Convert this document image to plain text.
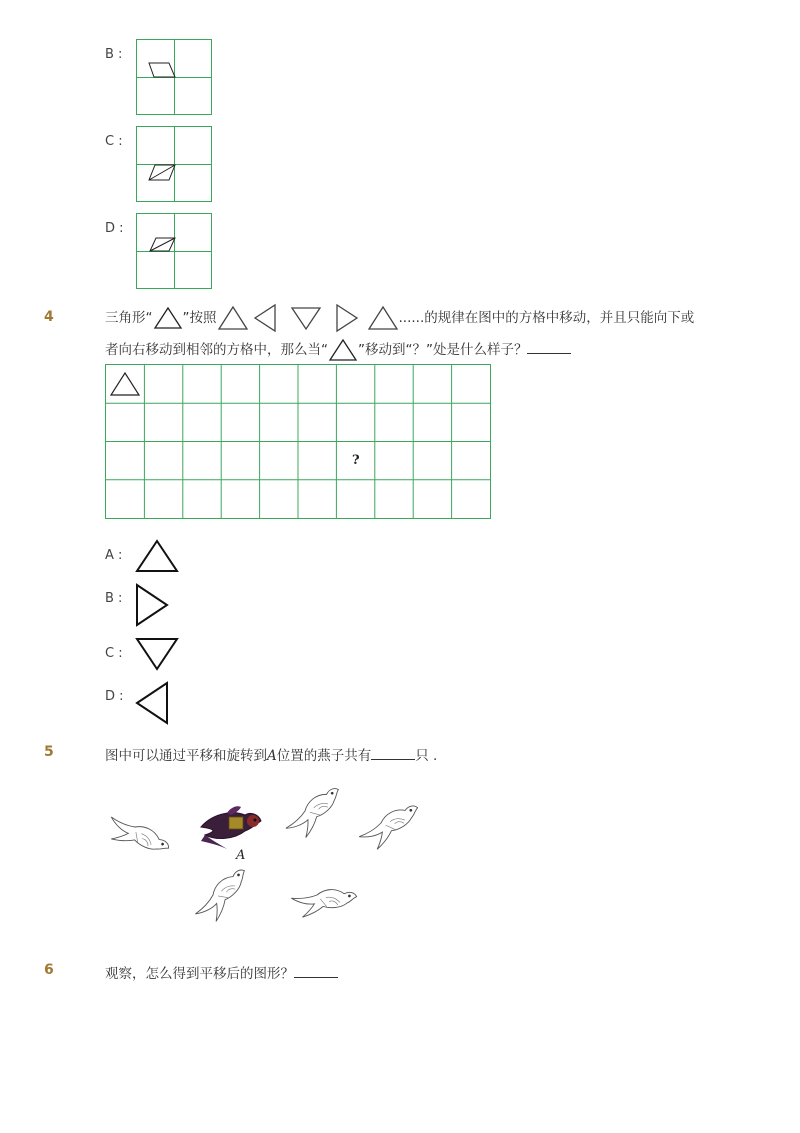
B :
C :
D :
4	三角形“ ”按照	......的规律在图中的方格中移动，并且只能向下或
者向右移动到相邻的方格中，那么当“ ”移动到“？”处是什么样子？
?
A :
B :
C :
D :
5	图中可以通过平移和旋转到A位置的燕子共有	只 .
A
6	观察，怎么得到平移后的图形？
